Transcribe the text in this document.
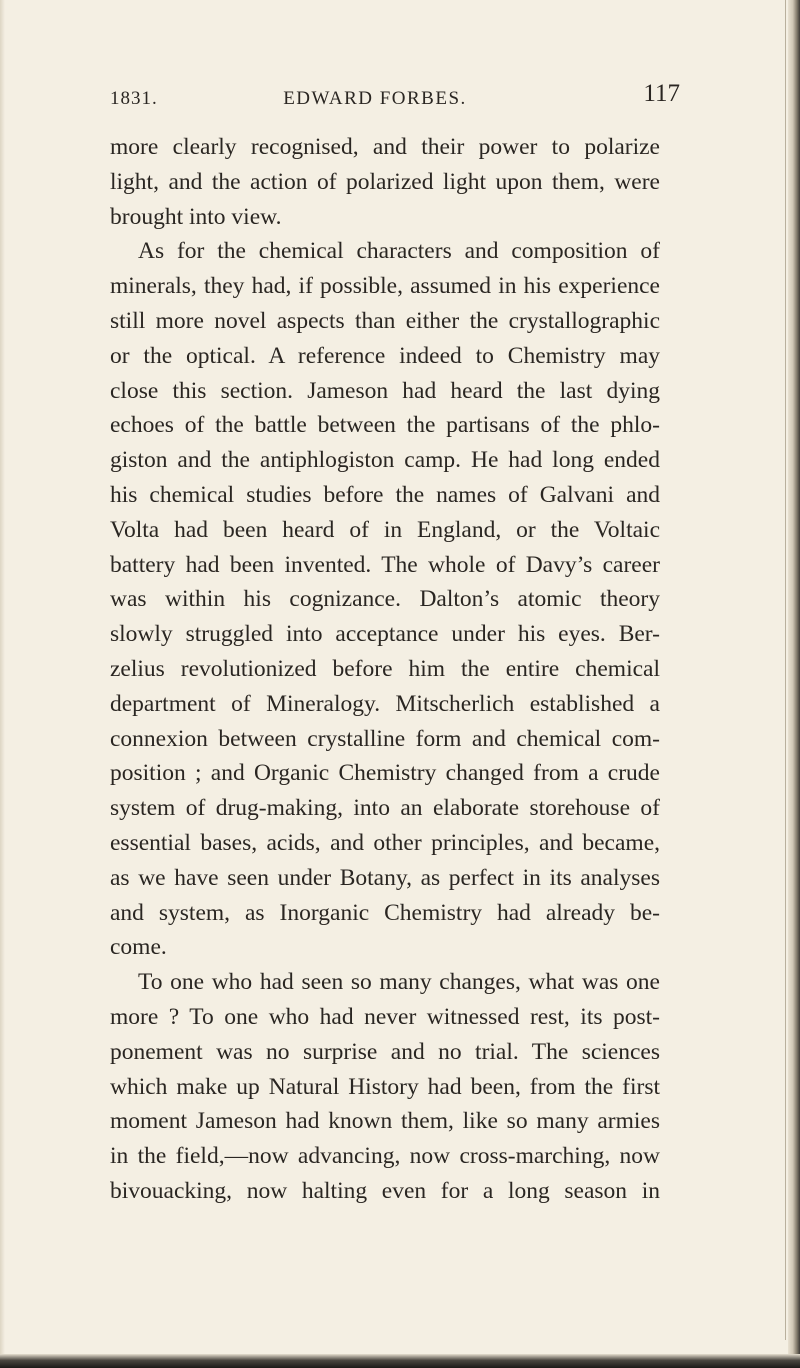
1831.	EDWARD FORBES.	117
more clearly recognised, and their power to polarize
light, and the action of polarized light upon them, were
brought into view.
As for the chemical characters and composition of
minerals, they had, if possible, assumed in his experience
still more novel aspects than either the crystallographic
or the optical. A reference indeed to Chemistry may
close this section. Jameson had heard the last dying
echoes of the battle between the partisans of the phlo-
giston and the antiphlogiston camp. He had long ended
his chemical studies before the names of Galvani and
Volta had been heard of in England, or the Voltaic
battery had been invented. The whole of Davy’s career
was within his cognizance. Dalton’s atomic theory
slowly struggled into acceptance under his eyes. Ber-
zelius revolutionized before him the entire chemical
department of Mineralogy. Mitscherlich established a
connexion between crystalline form and chemical com-
position ; and Organic Chemistry changed from a crude
system of drug-making, into an elaborate storehouse of
essential bases, acids, and other principles, and became,
as we have seen under Botany, as perfect in its analyses
and system, as Inorganic Chemistry had already be-
come.
To one who had seen so many changes, what was one
more ? To one who had never witnessed rest, its post-
ponement was no surprise and no trial. The sciences
which make up Natural History had been, from the first
moment Jameson had known them, like so many armies
in the field,—now advancing, now cross-marching, now
bivouacking, now halting even for a long season in
